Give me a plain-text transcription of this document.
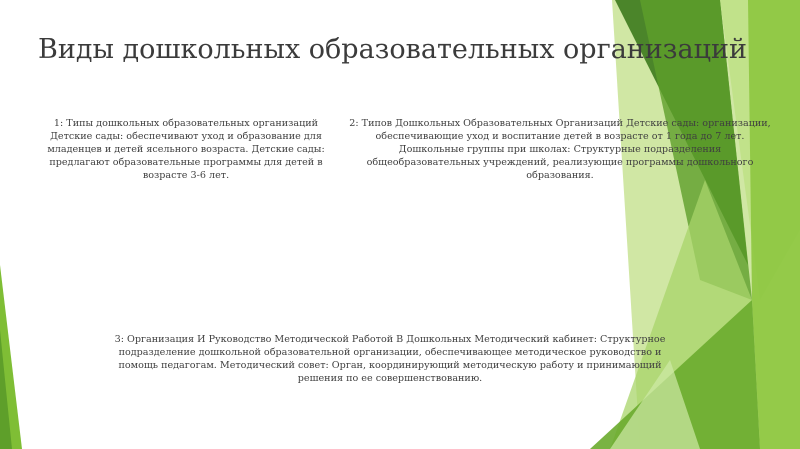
Виды дошкольных образовательных организаций

1: Типы дошкольных образовательных организаций Детские сады: обеспечивают уход и образование для младенцев и детей ясельного возраста. Детские сады: предлагают образовательные программы для детей в возрасте 3-6 лет.

2: Типов Дошкольных Образовательных Организаций Детские сады: организации, обеспечивающие уход и воспитание детей в возрасте от 1 года до 7 лет. Дошкольные группы при школах: Структурные подразделения общеобразовательных учреждений, реализующие программы дошкольного образования.

3: Организация И Руководство Методической Работой В Дошкольных Методический кабинет: Структурное подразделение дошкольной образовательной организации, обеспечивающее методическое руководство и помощь педагогам. Методический совет: Орган, координирующий методическую работу и принимающий решения по ее совершенствованию.
